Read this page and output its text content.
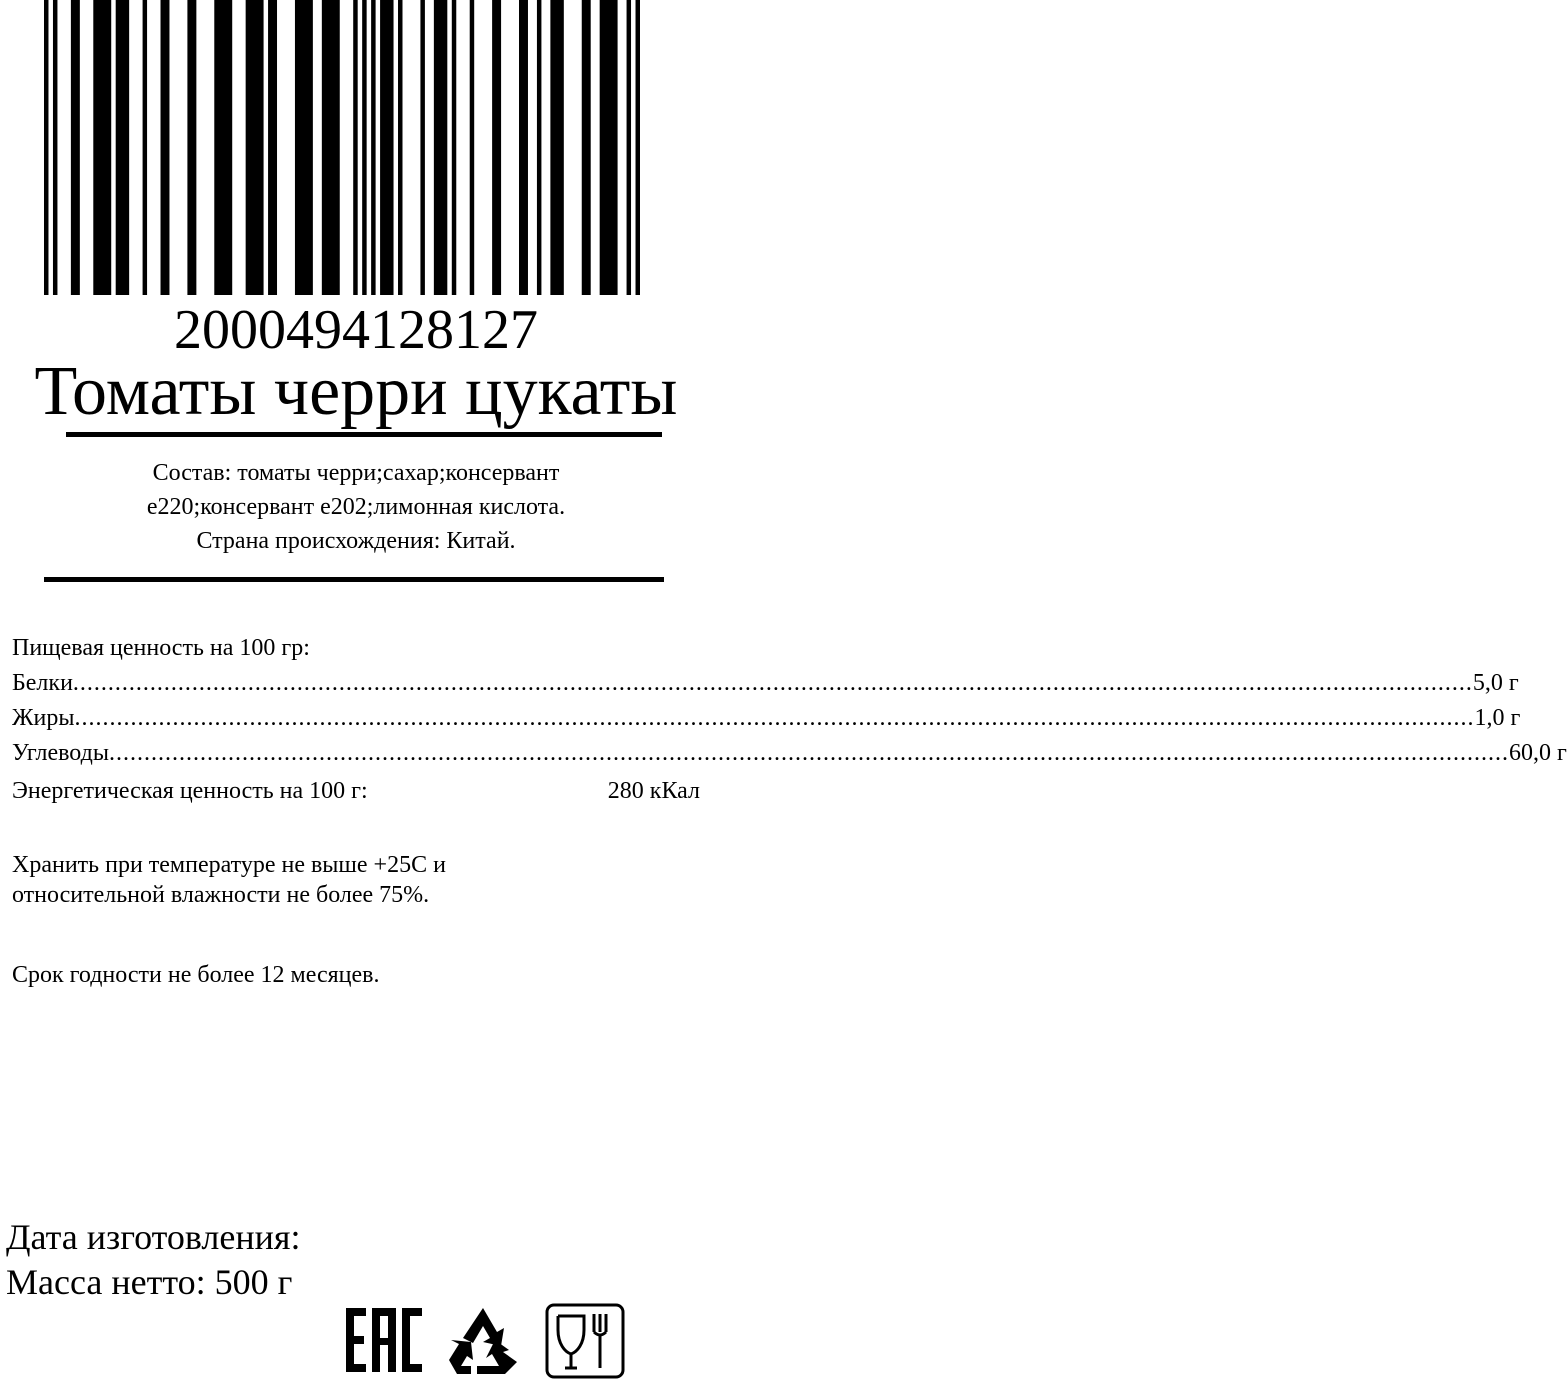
2000494128127
Томаты черри цукаты
Состав: томаты черри;сахар;консервант
е220;консервант е202;лимонная кислота.
Страна происхождения: Китай.
Пищевая ценность на 100 гр:
Белки ........................................................................................................................................................................................................ 5,0 г
Жиры ........................................................................................................................................................................................................ 1,0 г
Углеводы ........................................................................................................................................................................................................ 60,0 г
Энергетическая ценность на 100 г:	280 кКал
Хранить при температуре не выше +25С и
относительной влажности не более 75%.
Срок годности не более 12 месяцев.
Дата изготовления:
Масса нетто: 500 г
